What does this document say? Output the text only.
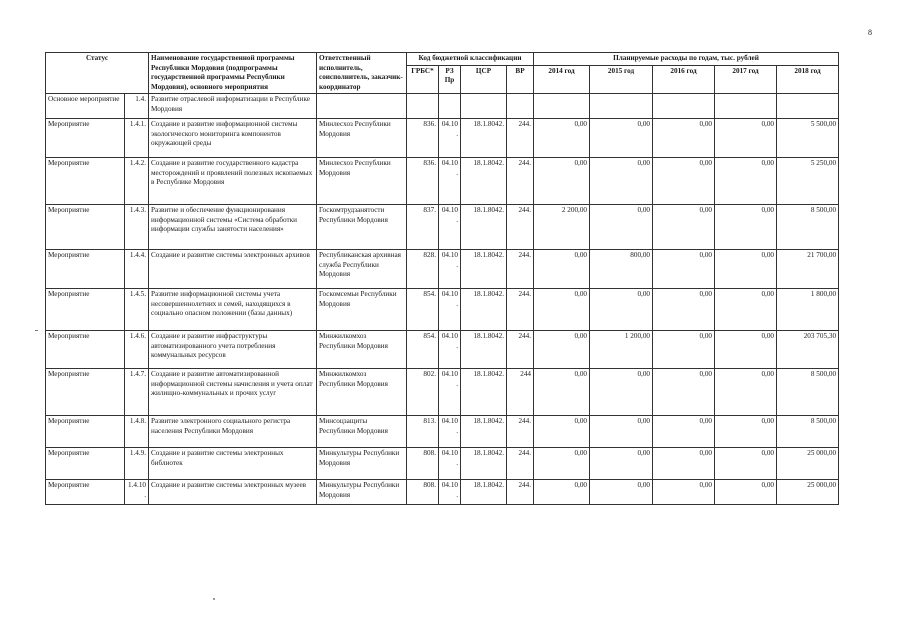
8
Статус		Наименование государственной программы Республики Мордовия (подпрограммы государственной программы Республики Мордовия), основного мероприятия	Ответственный исполнитель, соисполнитель, заказчик-координатор	Код бюджетной классификации				Планируемые расходы по годам, тыс. рублей				
				ГРБС*	РЗ Пр	ЦСР	ВР	2014 год	2015 год	2016 год	2017 год	2018 год
Основное мероприятие	1.4.	Развитие отраслевой информатизации в Республике Мордовия										
Мероприятие	1.4.1.	Создание и развитие информационной системы экологического мониторинга компонентов окружающей среды	Минлесхоз Республики Мордовия	836.	04.10.	18.1.8042.	244.	0,00	0,00	0,00	0,00	5 500,00
Мероприятие	1.4.2.	Создание и развитие государственного кадастра месторождений и проявлений полезных ископаемых в Республике Мордовия	Минлесхоз Республики Мордовия	836.	04.10.	18.1.8042.	244.	0,00	0,00	0,00	0,00	5 250,00
Мероприятие	1.4.3.	Развитие и обеспечение функционирования информационной системы «Система обработки информации службы занятости населения»	Госкомтрудзанятости Республики Мордовия	837.	04.10.	18.1.8042.	244.	2 200,00	0,00	0,00	0,00	8 500,00
Мероприятие	1.4.4.	Создание и развитие системы электронных архивов	Республиканская архивная служба Республики Мордовия	828.	04.10.	18.1.8042.	244.	0,00	800,00	0,00	0,00	21 700,00
Мероприятие	1.4.5.	Развитие информационной системы учета несовершеннолетних и семей, находящихся в социально опасном положении (базы данных)	Госкомсемьи Республики Мордовия	854.	04.10.	18.1.8042.	244.	0,00	0,00	0,00	0,00	1 800,00
Мероприятие	1.4.6.	Создание и развитие инфраструктуры автоматизированного учета потребления коммунальных ресурсов	Минжилкомхоз Республики Мордовия	854.	04.10.	18.1.8042.	244.	0,00	1 200,00	0,00	0,00	203 705,30
Мероприятие	1.4.7.	Создание и развитие автоматизированной информационной системы начисления и учета оплат жилищно-коммунальных и прочих услуг	Минжилкомхоз Республики Мордовия	802.	04.10.	18.1.8042.	244	0,00	0,00	0,00	0,00	8 500,00
Мероприятие	1.4.8.	Развитие электронного социального регистра населения Республики Мордовия	Минсоцзащиты Республики Мордовия	813.	04.10.	18.1.8042.	244.	0,00	0,00	0,00	0,00	8 500,00
Мероприятие	1.4.9.	Создание и развитие системы электронных библиотек	Минкультуры Республики Мордовия	808.	04.10.	18.1.8042.	244.	0,00	0,00	0,00	0,00	25 000,00
Мероприятие	1.4.10.	Создание и развитие системы электронных музеев	Минкультуры Республики Мордовия	808.	04.10.	18.1.8042.	244.	0,00	0,00	0,00	0,00	25 000,00
